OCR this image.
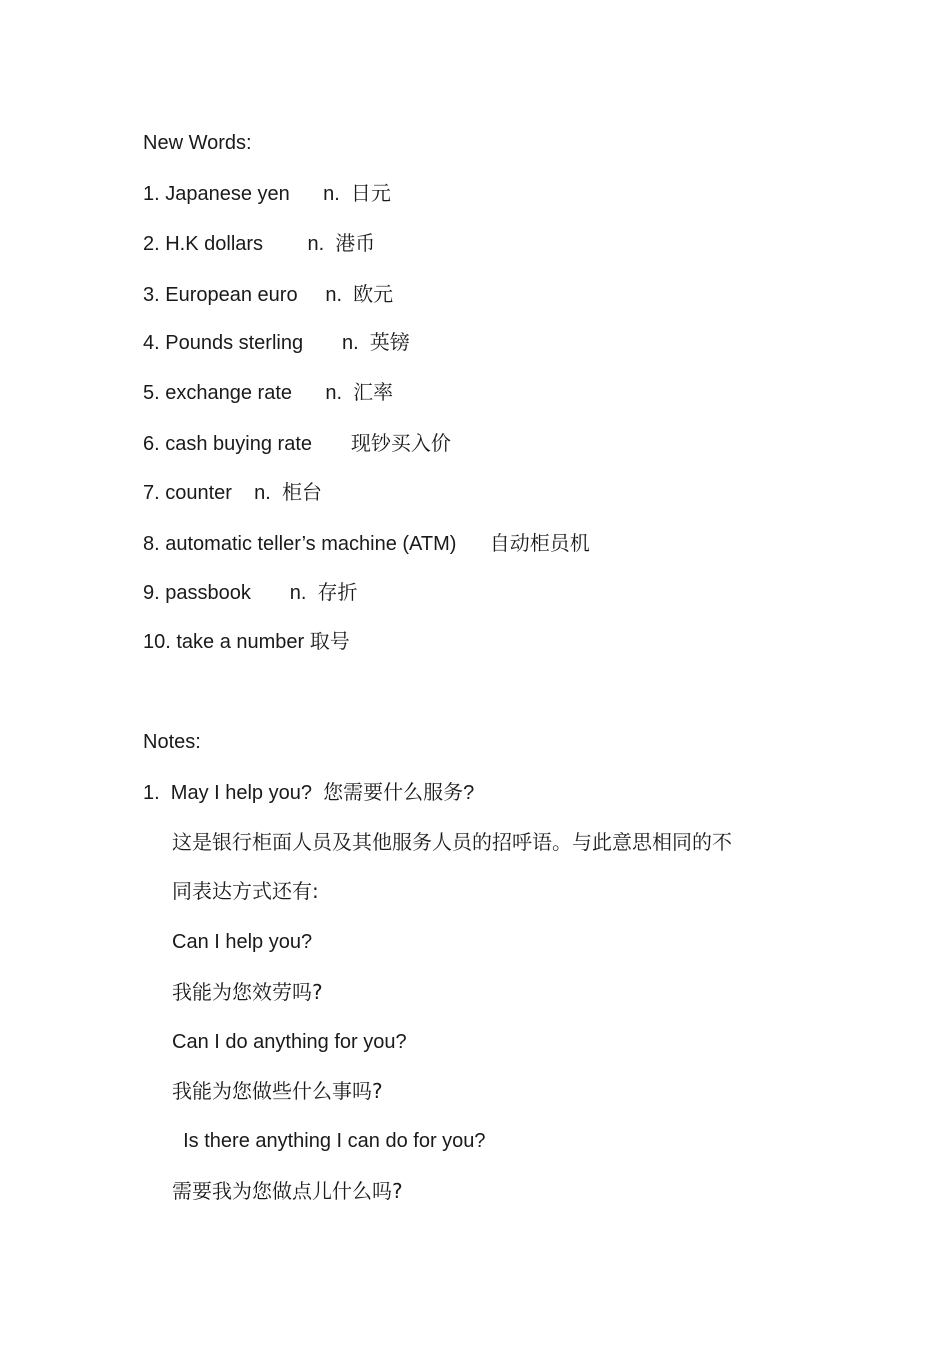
New Words:
1. Japanese yen      n.  日元
2. H.K dollars        n.  港币
3. European euro     n.  欧元
4. Pounds sterling       n.  英镑
5. exchange rate      n.  汇率
6. cash buying rate       现钞买入价
7. counter    n.  柜台
8. automatic teller’s machine (ATM)      自动柜员机
9. passbook       n.  存折
10. take a number 取号
Notes:
1.  May I help you?  您需要什么服务?
这是银行柜面人员及其他服务人员的招呼语。与此意思相同的不
同表达方式还有:
Can I help you?
我能为您效劳吗?
Can I do anything for you?
我能为您做些什么事吗?
Is there anything I can do for you?
需要我为您做点儿什么吗?
